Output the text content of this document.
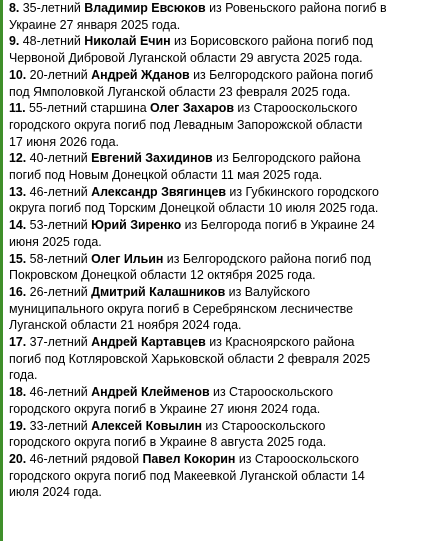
8. 35-летний Владимир Евсюков из Ровеньского района погиб в
Украине 27 января 2025 года.
9. 48-летний Николай Ечин из Борисовского района погиб под
Червоной Дибровой Луганской области 29 августа 2025 года.
10. 20-летний Андрей Жданов из Белгородского района погиб
под Ямполовкой Луганской области 23 февраля 2025 года.
11. 55-летний старшина Олег Захаров из Старооскольского
городского округа погиб под Левадным Запорожской области
17 июня 2026 года.
12. 40-летний Евгений Захидинов из Белгородского района
погиб под Новым Донецкой области 11 мая 2025 года.
13. 46-летний Александр Звягинцев из Губкинского городского
округа погиб под Торским Донецкой области 10 июля 2025 года.
14. 53-летний Юрий Зиренко из Белгорода погиб в Украине 24
июня 2025 года.
15. 58-летний Олег Ильин из Белгородского района погиб под
Покровском Донецкой области 12 октября 2025 года.
16. 26-летний Дмитрий Калашников из Валуйского
муниципального округа погиб в Серебрянском лесничестве
Луганской области 21 ноября 2024 года.
17. 37-летний Андрей Картавцев из Красноярского района
погиб под Котляровской Харьковской области 2 февраля 2025
года.
18. 46-летний Андрей Клейменов из Старооскольского
городского округа погиб в Украине 27 июня 2024 года.
19. 33-летний Алексей Ковылин из Старооскольского
городского округа погиб в Украине 8 августа 2025 года.
20. 46-летний рядовой Павел Кокорин из Старооскольского
городского округа погиб под Макеевкой Луганской области 14
июля 2024 года.
